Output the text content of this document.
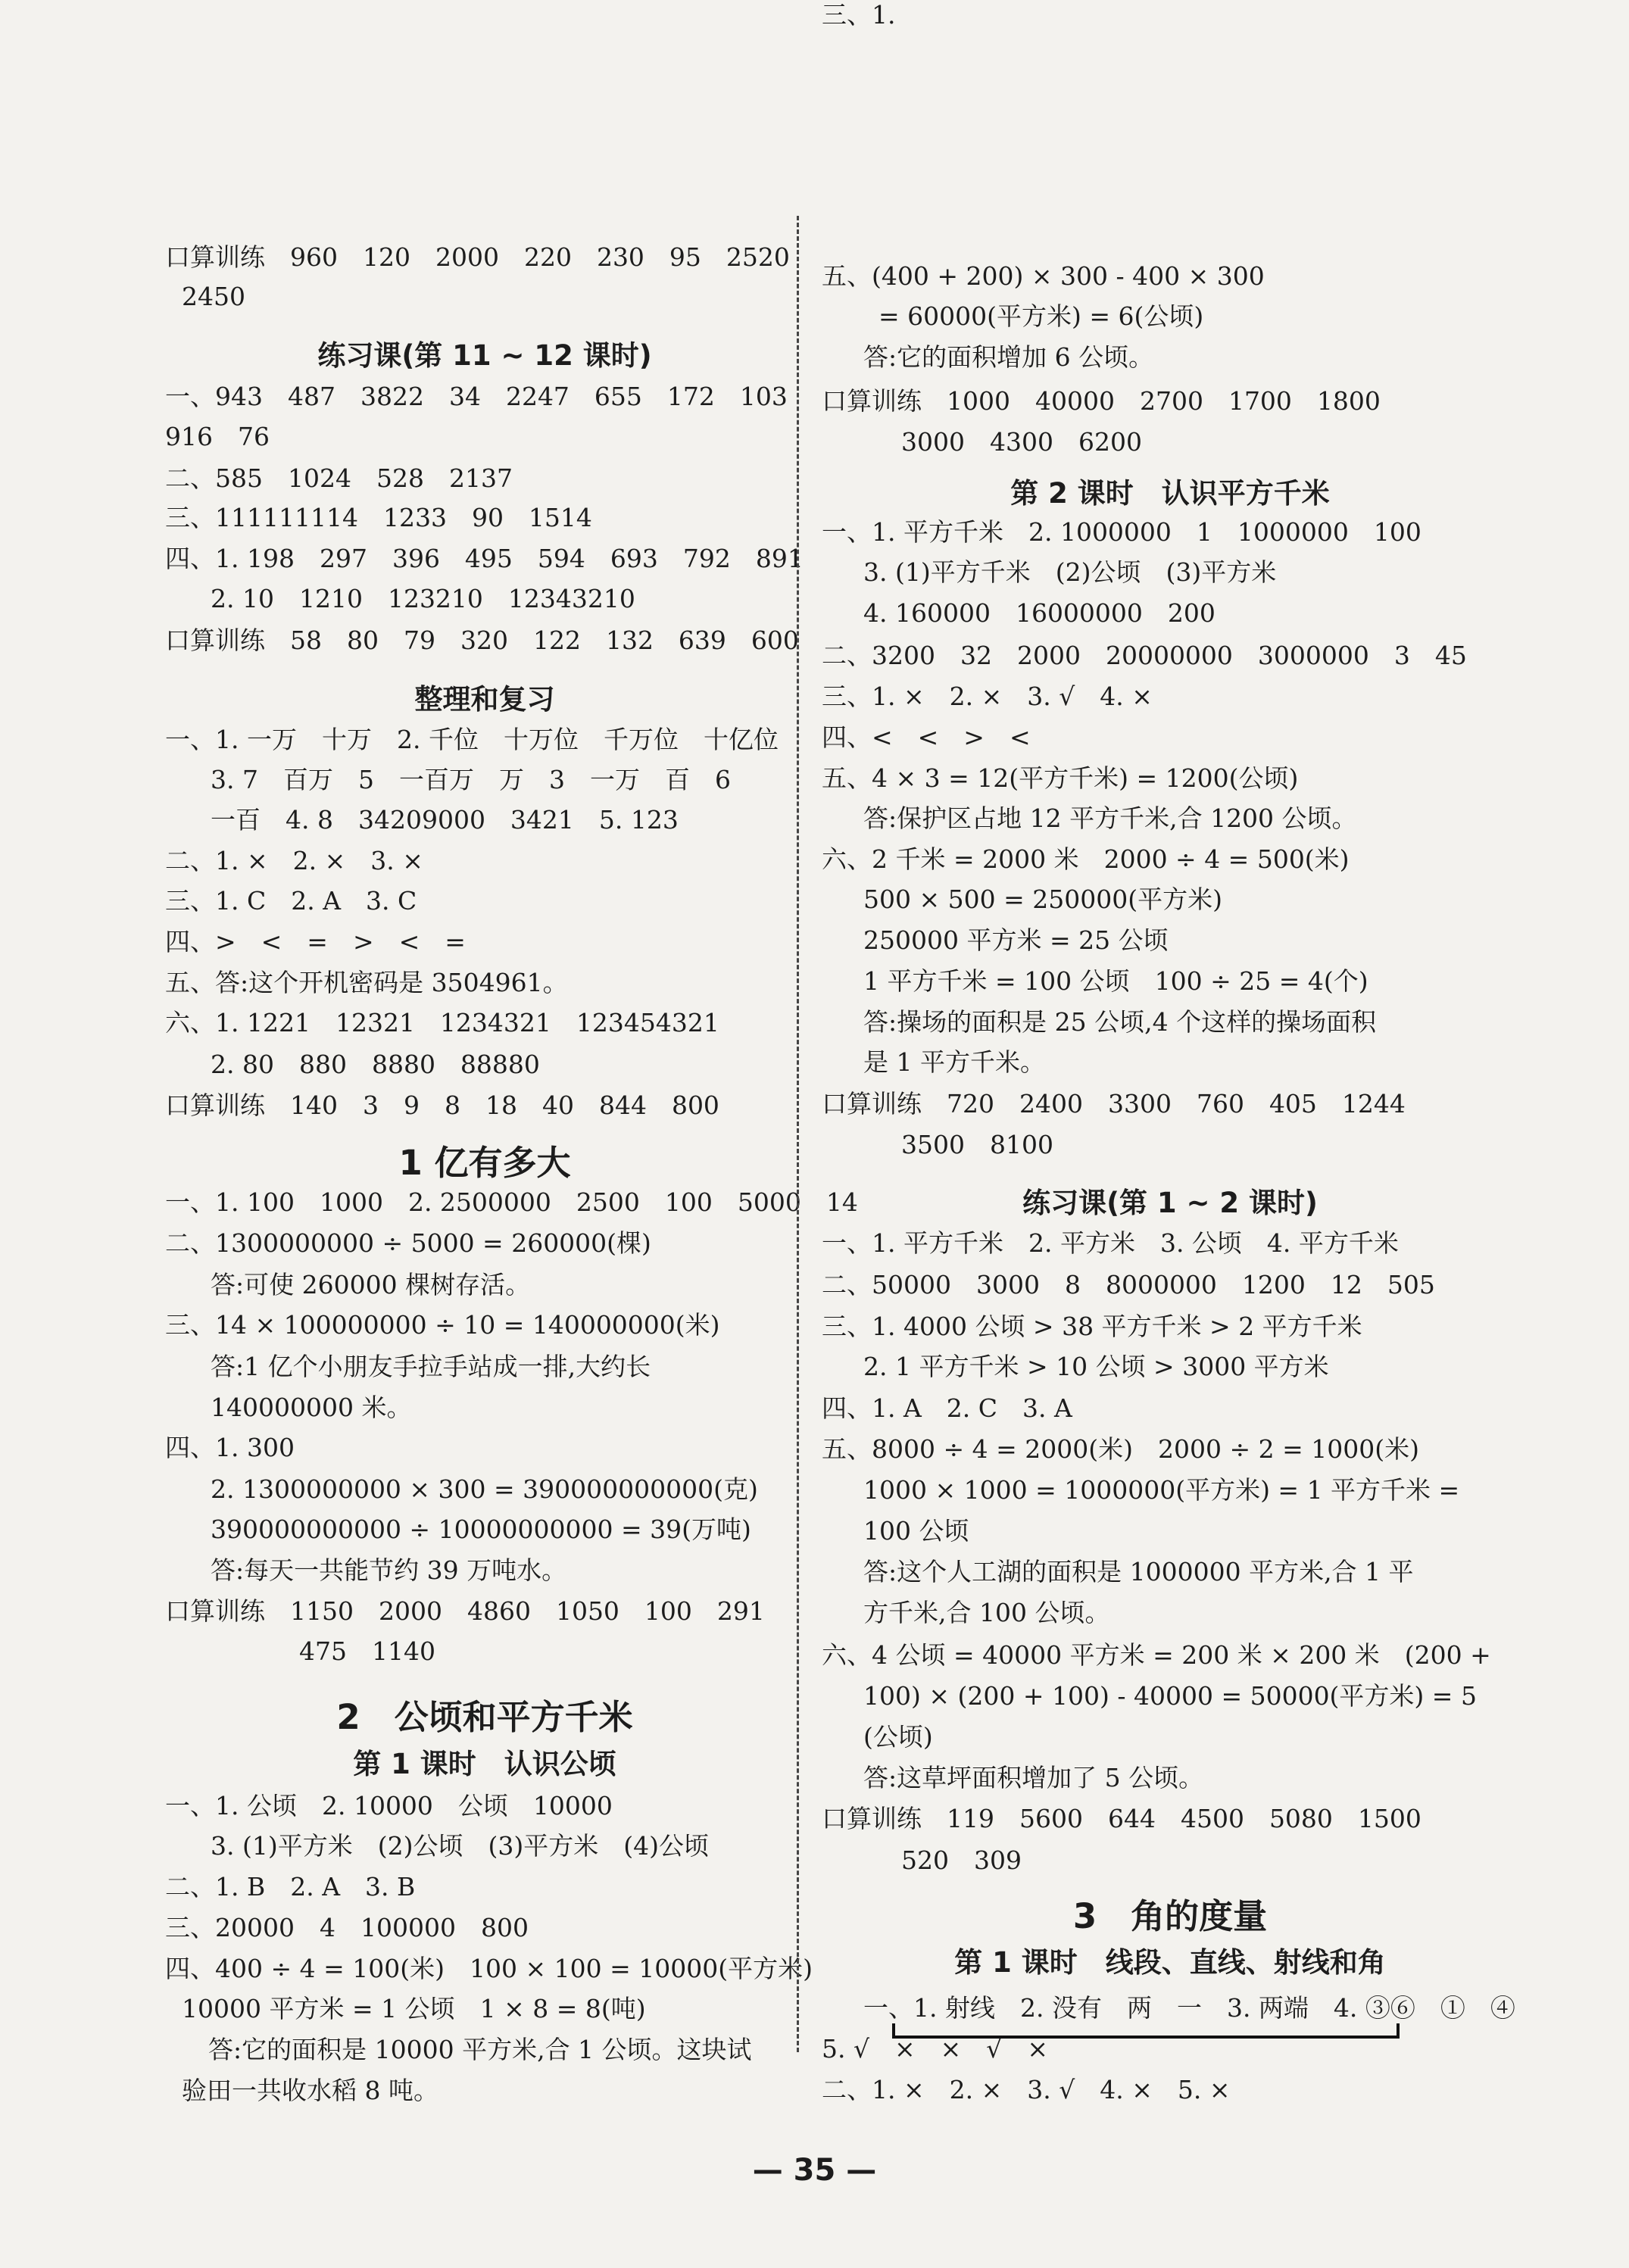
口算训练　960　120　2000　220　230　95　2520
2450
练习课(第 11 ~ 12 课时)
一、943　487　3822　34　2247　655　172　103
916　76
二、585　1024　528　2137
三、111111114　1233　90　1514
四、1. 198　297　396　495　594　693　792　891
2. 10　1210　123210　12343210
口算训练　58　80　79　320　122　132　639　600
整理和复习
一、1. 一万　十万　2. 千位　十万位　千万位　十亿位
3. 7　百万　5　一百万　万　3　一万　百　6
一百　4. 8　34209000　3421　5. 123
二、1. ×　2. ×　3. ×
三、1. C　2. A　3. C
四、>　<　=　>　<　=
五、答:这个开机密码是 3504961。
六、1. 1221　12321　1234321　123454321
2. 80　880　8880　88880
口算训练　140　3　9　8　18　40　844　800
1 亿有多大
一、1. 100　1000　2. 2500000　2500　100　5000　14
二、1300000000 ÷ 5000 = 260000(棵)
答:可使 260000 棵树存活。
三、14 × 100000000 ÷ 10 = 140000000(米)
答:1 亿个小朋友手拉手站成一排,大约长
140000000 米。
四、1. 300
2. 1300000000 × 300 = 390000000000(克)
390000000000 ÷ 10000000000 = 39(万吨)
答:每天一共能节约 39 万吨水。
口算训练　1150　2000　4860　1050　100　291
475　1140
2　公顷和平方千米
第 1 课时　认识公顷
一、1. 公顷　2. 10000　公顷　10000
3. (1)平方米　(2)公顷　(3)平方米　(4)公顷
二、1. B　2. A　3. B
三、20000　4　100000　800
四、400 ÷ 4 = 100(米)　100 × 100 = 10000(平方米)
10000 平方米 = 1 公顷　1 × 8 = 8(吨)
答:它的面积是 10000 平方米,合 1 公顷。这块试
验田一共收水稻 8 吨。
五、(400 + 200) × 300 - 400 × 300
= 60000(平方米) = 6(公顷)
答:它的面积增加 6 公顷。
口算训练　1000　40000　2700　1700　1800
3000　4300　6200
第 2 课时　认识平方千米
一、1. 平方千米　2. 1000000　1　1000000　100
3. (1)平方千米　(2)公顷　(3)平方米
4. 160000　16000000　200
二、3200　32　2000　20000000　3000000　3　45
三、1. ×　2. ×　3. √　4. ×
四、<　<　>　<
五、4 × 3 = 12(平方千米) = 1200(公顷)
答:保护区占地 12 平方千米,合 1200 公顷。
六、2 千米 = 2000 米　2000 ÷ 4 = 500(米)
500 × 500 = 250000(平方米)
250000 平方米 = 25 公顷
1 平方千米 = 100 公顷　100 ÷ 25 = 4(个)
答:操场的面积是 25 公顷,4 个这样的操场面积
是 1 平方千米。
口算训练　720　2400　3300　760　405　1244
3500　8100
练习课(第 1 ~ 2 课时)
一、1. 平方千米　2. 平方米　3. 公顷　4. 平方千米
二、50000　3000　8　8000000　1200　12　505
三、1. 4000 公顷 > 38 平方千米 > 2 平方千米
2. 1 平方千米 > 10 公顷 > 3000 平方米
四、1. A　2. C　3. A
五、8000 ÷ 4 = 2000(米)　2000 ÷ 2 = 1000(米)
1000 × 1000 = 1000000(平方米) = 1 平方千米 =
100 公顷
答:这个人工湖的面积是 1000000 平方米,合 1 平
方千米,合 100 公顷。
六、4 公顷 = 40000 平方米 = 200 米 × 200 米　(200 +
100) × (200 + 100) - 40000 = 50000(平方米) = 5
(公顷)
答:这草坪面积增加了 5 公顷。
口算训练　119　5600　644　4500　5080　1500
520　309
3　角的度量
第 1 课时　线段、直线、射线和角
一、1. 射线　2. 没有　两　一　3. 两端　4. ③⑥　①　④
5. √　×　×　√　×
二、1. ×　2. ×　3. √　4. ×　5. ×
三、1.
— 35 —
